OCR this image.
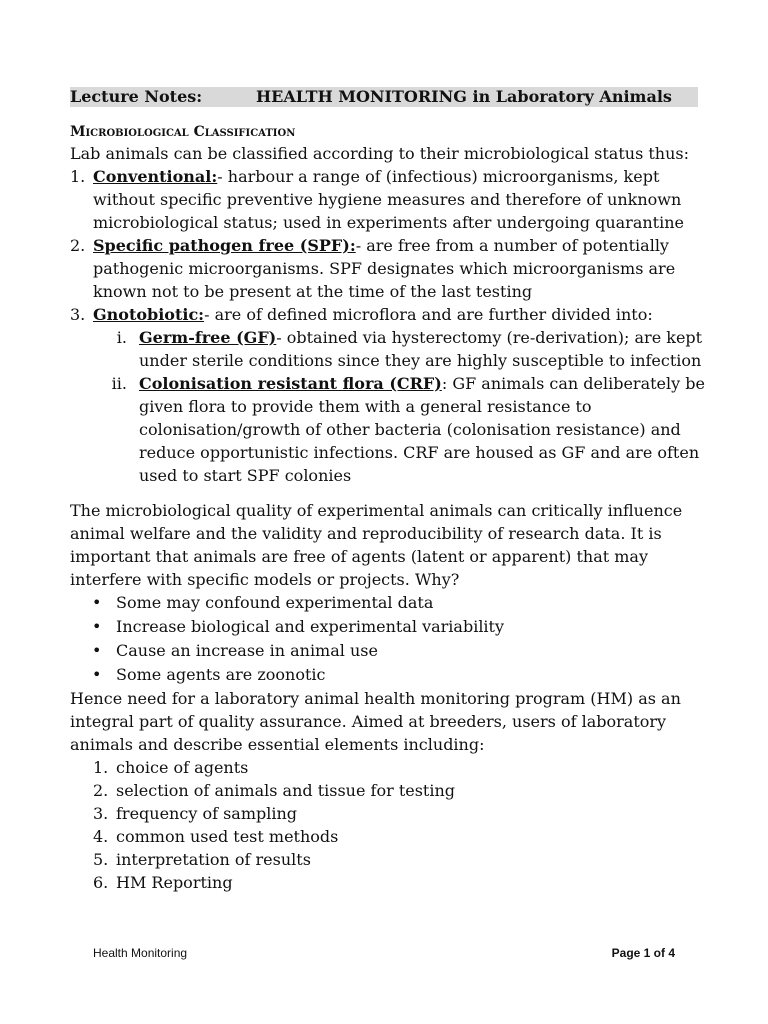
Lecture Notes:	HEALTH MONITORING in Laboratory Animals
Microbiological Classification

Lab animals can be classified according to their microbiological status thus:

1. Conventional:- harbour a range of (infectious) microorganisms, kept without specific preventive hygiene measures and therefore of unknown microbiological status; used in experiments after undergoing quarantine
2. Specific pathogen free (SPF):- are free from a number of potentially pathogenic microorganisms. SPF designates which microorganisms are known not to be present at the time of the last testing
3. Gnotobiotic:- are of defined microflora and are further divided into:
i. Germ-free (GF)- obtained via hysterectomy (re-derivation); are kept under sterile conditions since they are highly susceptible to infection
ii. Colonisation resistant flora (CRF): GF animals can deliberately be given flora to provide them with a general resistance to colonisation/growth of other bacteria (colonisation resistance) and reduce opportunistic infections. CRF are housed as GF and are often used to start SPF colonies

The microbiological quality of experimental animals can critically influence animal welfare and the validity and reproducibility of research data. It is important that animals are free of agents (latent or apparent) that may interfere with specific models or projects. Why?

• Some may confound experimental data
• Increase biological and experimental variability
• Cause an increase in animal use
• Some agents are zoonotic

Hence need for a laboratory animal health monitoring program (HM) as an integral part of quality assurance. Aimed at breeders, users of laboratory animals and describe essential elements including:

1. choice of agents
2. selection of animals and tissue for testing
3. frequency of sampling
4. common used test methods
5. interpretation of results
6. HM Reporting
Health Monitoring	Page 1 of 4
